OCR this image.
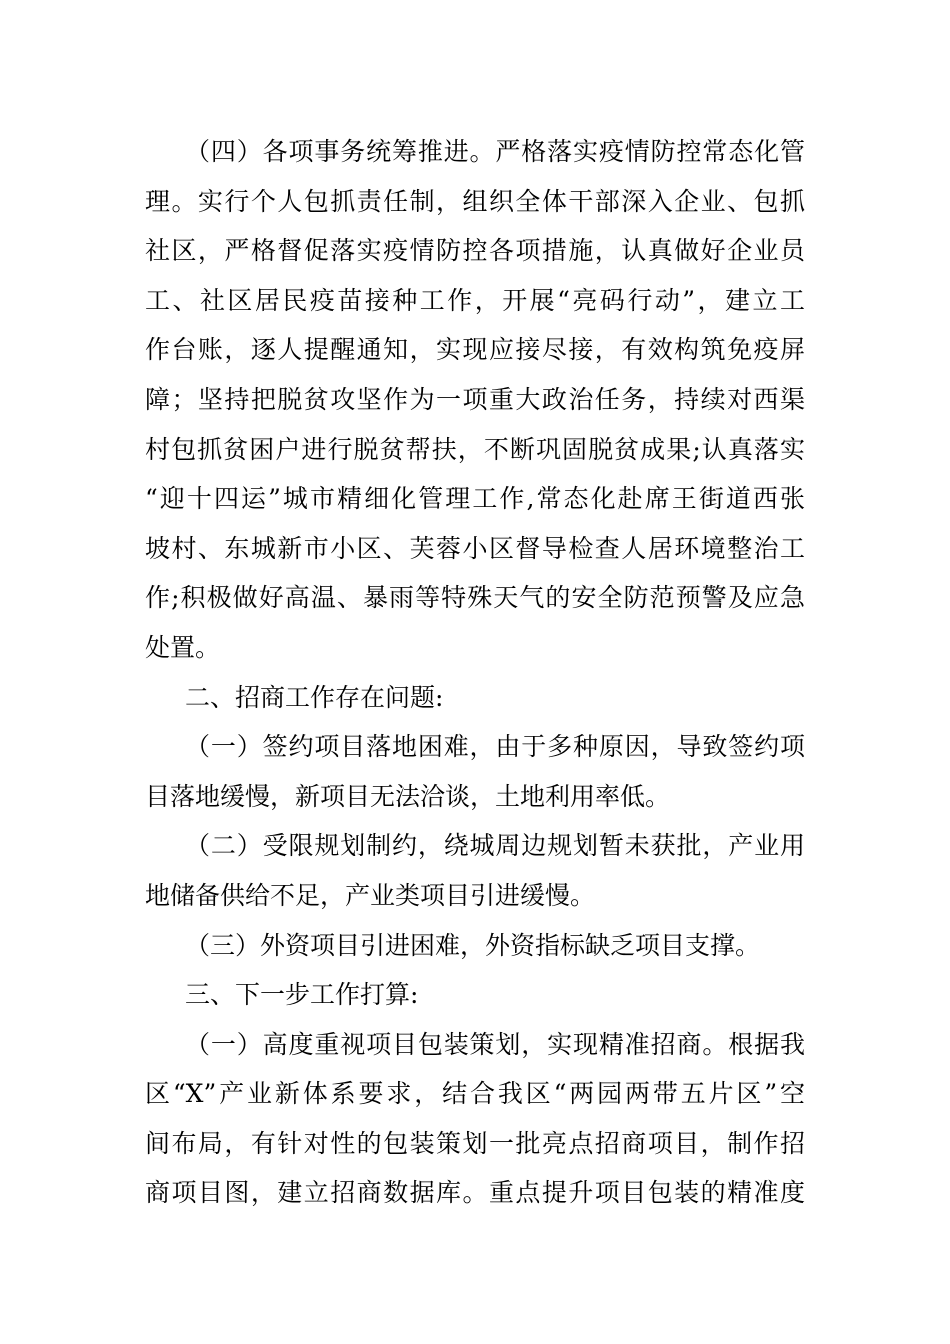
（四）各项事务统筹推进。严格落实疫情防控常态化管
理。实行个人包抓责任制，组织全体干部深入企业、包抓
社区，严格督促落实疫情防控各项措施，认真做好企业员
工、社区居民疫苗接种工作，开展“亮码行动”，建立工
作台账，逐人提醒通知，实现应接尽接，有效构筑免疫屏
障；坚持把脱贫攻坚作为一项重大政治任务，持续对西渠
村包抓贫困户进行脱贫帮扶，不断巩固脱贫成果;认真落实
“迎十四运”城市精细化管理工作,常态化赴席王街道西张
坡村、东城新市小区、芙蓉小区督导检查人居环境整治工
作;积极做好高温、暴雨等特殊天气的安全防范预警及应急
处置。
二、招商工作存在问题:
（一）签约项目落地困难，由于多种原因，导致签约项
目落地缓慢，新项目无法洽谈，土地利用率低。
（二）受限规划制约，绕城周边规划暂未获批，产业用
地储备供给不足，产业类项目引进缓慢。
（三）外资项目引进困难，外资指标缺乏项目支撑。
三、下一步工作打算:
（一）高度重视项目包装策划，实现精准招商。根据我
区“X”产业新体系要求，结合我区“两园两带五片区”空
间布局，有针对性的包装策划一批亮点招商项目，制作招
商项目图，建立招商数据库。重点提升项目包装的精准度
